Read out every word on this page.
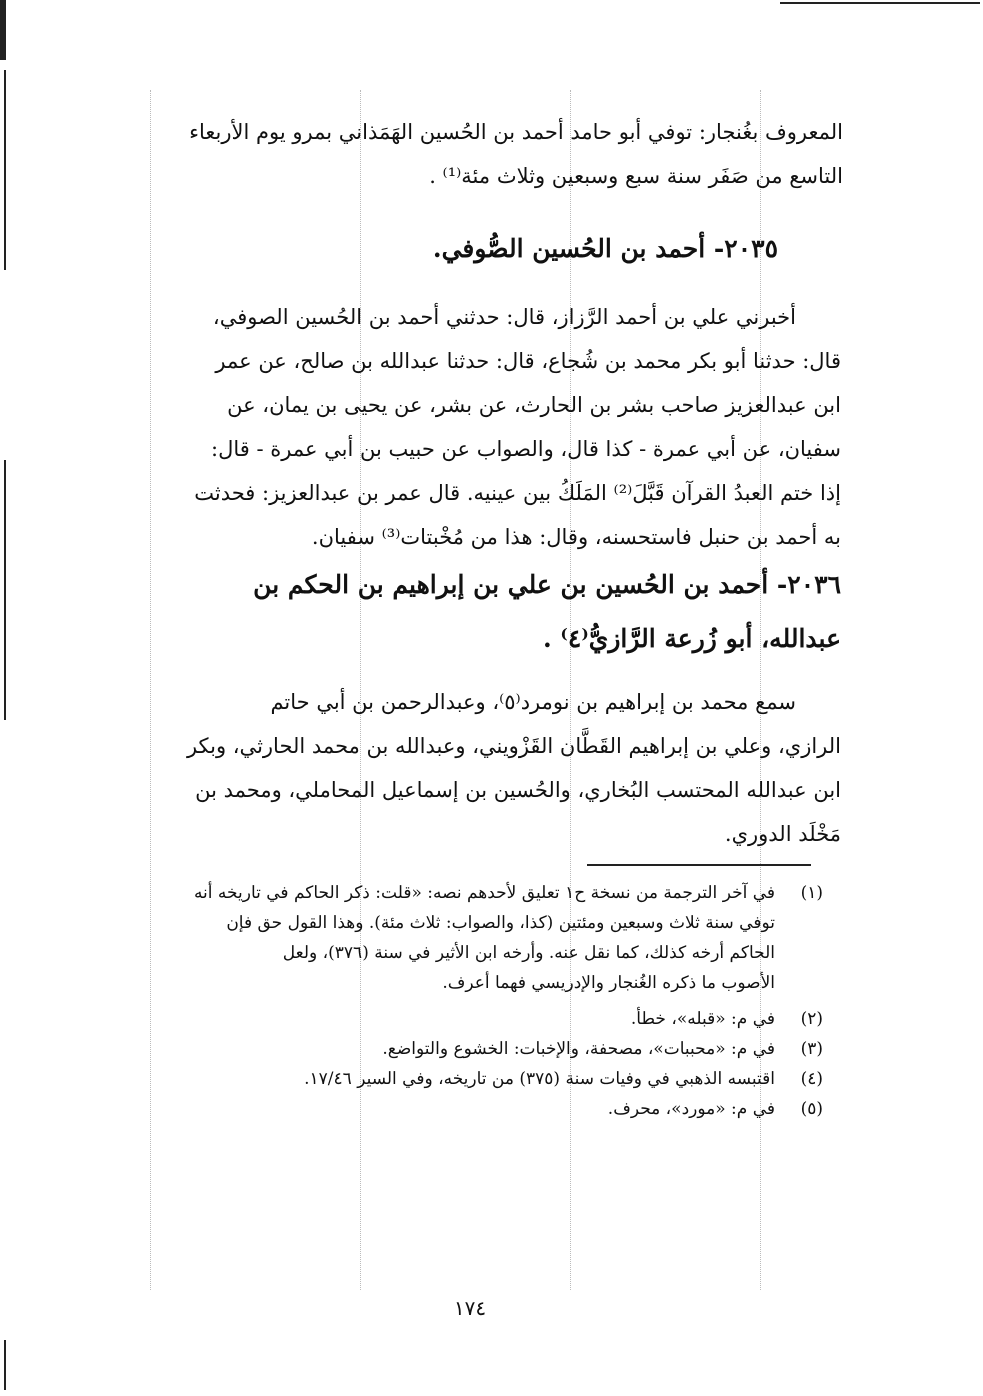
المعروف بغُنجار: توفي أبو حامد أحمد بن الحُسين الهَمَذاني بمرو يوم الأربعاء
التاسع من صَفَر سنة سبع وسبعين وثلاث مئة⁽¹⁾ .
٢٠٣٥- أحمد بن الحُسين الصُّوفي.
أخبرني علي بن أحمد الرَّزاز، قال: حدثني أحمد بن الحُسين الصوفي،
قال: حدثنا أبو بكر محمد بن شُجاع، قال: حدثنا عبدالله بن صالح، عن عمر
ابن عبدالعزيز صاحب بشر بن الحارث، عن بشر، عن يحيى بن يمان، عن
سفيان، عن أبي عمرة - كذا قال، والصواب عن حبيب بن أبي عمرة - قال:
إذا ختم العبدُ القرآن قَبَّلَ⁽²⁾ المَلَكُ بين عينيه. قال عمر بن عبدالعزيز: فحدثت
به أحمد بن حنبل فاستحسنه، وقال: هذا من مُخْبتات⁽³⁾ سفيان.
٢٠٣٦- أحمد بن الحُسين بن علي بن إبراهيم بن الحكم بن
عبدالله، أبو زُرعة الرَّازيُّ⁽٤⁾ .
سمع محمد بن إبراهيم بن نومرد⁽٥⁾، وعبدالرحمن بن أبي حاتم
الرازي، وعلي بن إبراهيم القَطَّان القَزْويني، وعبدالله بن محمد الحارثي، وبكر
ابن عبدالله المحتسب البُخاري، والحُسين بن إسماعيل المحاملي، ومحمد بن
مَخْلَد الدوري.
(١)
في آخر الترجمة من نسخة ح١ تعليق لأحدهم نصه: «قلت: ذكر الحاكم في تاريخه أنه
توفي سنة ثلاث وسبعين ومئتين (كذا، والصواب: ثلاث مئة). وهذا القول حق فإن
الحاكم أرخه كذلك، كما نقل عنه. وأرخه ابن الأثير في سنة (٣٧٦)، ولعل
الأصوب ما ذكره الغُنجار والإدريسي فهما أعرف.
(٢)
في م: «قبله»، خطأ.
(٣)
في م: «محببات»، مصحفة، والإخبات: الخشوع والتواضع.
(٤)
اقتبسه الذهبي في وفيات سنة (٣٧٥) من تاريخه، وفي السير ١٧/٤٦.
(٥)
في م: «مورد»، محرف.
١٧٤
